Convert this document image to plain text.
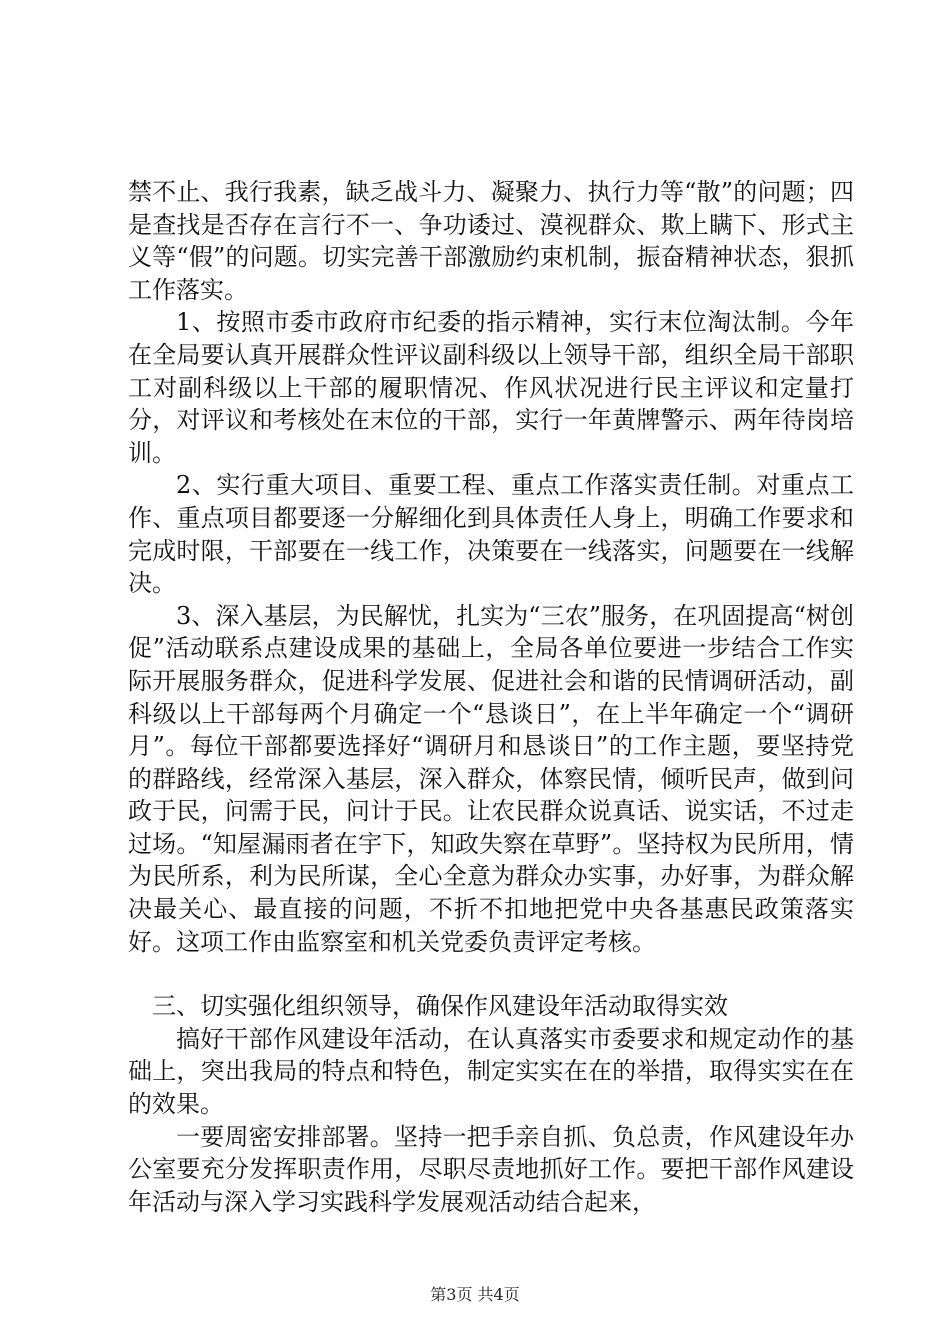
禁不止、我行我素，缺乏战斗力、凝聚力、执行力等“散”的问题；四是查找是否存在言行不一、争功诿过、漠视群众、欺上瞒下、形式主义等“假”的问题。切实完善干部激励约束机制，振奋精神状态，狠抓工作落实。

1、按照市委市政府市纪委的指示精神，实行末位淘汰制。今年在全局要认真开展群众性评议副科级以上领导干部，组织全局干部职工对副科级以上干部的履职情况、作风状况进行民主评议和定量打分，对评议和考核处在末位的干部，实行一年黄牌警示、两年待岗培训。

2、实行重大项目、重要工程、重点工作落实责任制。对重点工作、重点项目都要逐一分解细化到具体责任人身上，明确工作要求和完成时限，干部要在一线工作，决策要在一线落实，问题要在一线解决。

3、深入基层，为民解忧，扎实为“三农”服务，在巩固提高“树创促”活动联系点建设成果的基础上，全局各单位要进一步结合工作实际开展服务群众，促进科学发展、促进社会和谐的民情调研活动，副科级以上干部每两个月确定一个“恳谈日”，在上半年确定一个“调研月”。每位干部都要选择好“调研月和恳谈日”的工作主题，要坚持党的群路线，经常深入基层，深入群众，体察民情，倾听民声，做到问政于民，问需于民，问计于民。让农民群众说真话、说实话，不过走过场。“知屋漏雨者在宇下，知政失察在草野”。坚持权为民所用，情为民所系，利为民所谋，全心全意为群众办实事，办好事，为群众解决最关心、最直接的问题，不折不扣地把党中央各基惠民政策落实好。这项工作由监察室和机关党委负责评定考核。

三、切实强化组织领导，确保作风建设年活动取得实效

搞好干部作风建设年活动，在认真落实市委要求和规定动作的基础上，突出我局的特点和特色，制定实实在在的举措，取得实实在在的效果。

一要周密安排部署。坚持一把手亲自抓、负总责，作风建设年办公室要充分发挥职责作用，尽职尽责地抓好工作。要把干部作风建设年活动与深入学习实践科学发展观活动结合起来，

第3页 共4页
